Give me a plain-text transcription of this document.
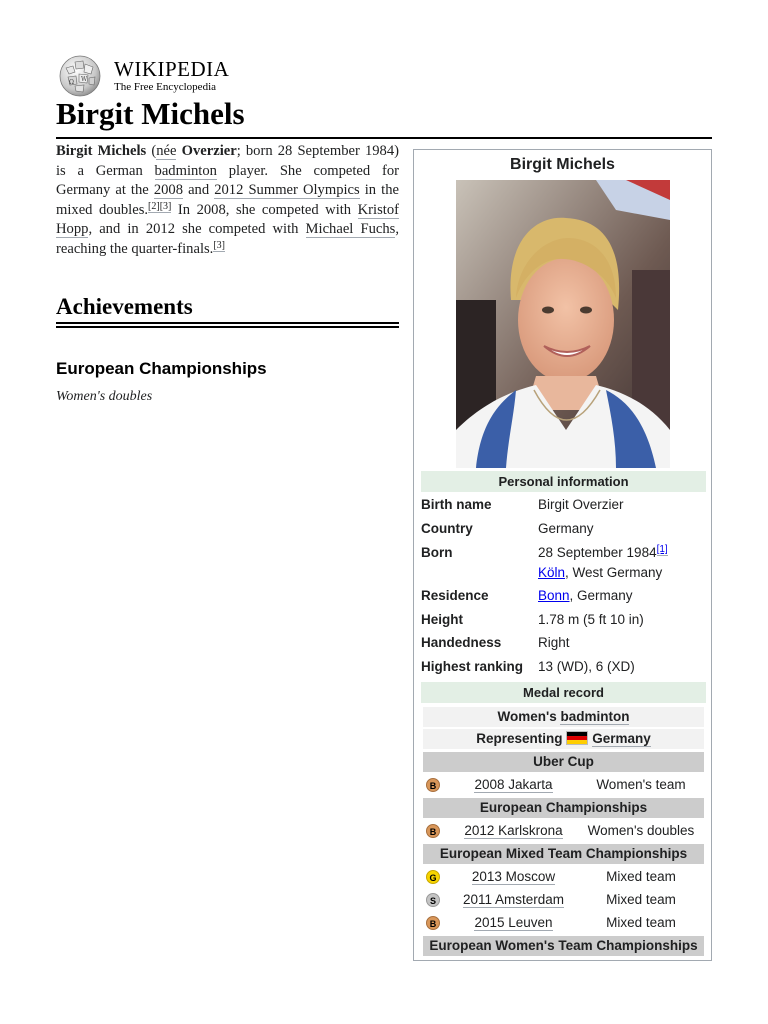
Ω W WIKIPEDIA
The Free Encyclopedia
Birgit Michels

Birgit Michels (née Overzier; born 28 September 1984) is a German badminton player. She competed for Germany at the 2008 and 2012 Summer Olympics in the mixed doubles.[2][3] In 2008, she competed with Kristof Hopp, and in 2012 she competed with Michael Fuchs, reaching the quarter-finals.[3]

Achievements
European Championships
Women's doubles
Birgit Michels
Personal information
Birth name	Birgit Overzier
Country	Germany
Born	28 September 1984[1]
Köln, West Germany
Residence	Bonn, Germany
Height	1.78 m (5 ft 10 in)
Handedness	Right
Highest ranking 13 (WD), 6 (XD)
Medal record
Women's badminton
Representing Germany
Uber Cup
B	2008 Jakarta	Women's team
European Championships
B	2012 Karlskrona	Women's doubles
European Mixed Team Championships
G	2013 Moscow	Mixed team
S	2011 Amsterdam	Mixed team
B	2015 Leuven	Mixed team
European Women's Team Championships
